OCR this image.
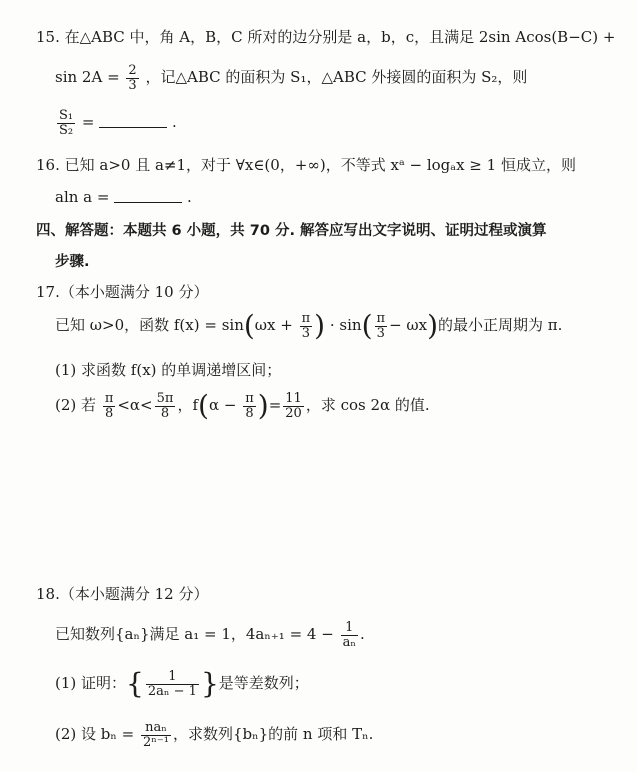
15. 在△ABC 中，角 A，B，C 所对的边分别是 a，b，c，且满足 2sin Acos(B−C) +
$\sin 2A = \frac{2}{3}$ ，记△ABC 的面积为 S₁，△ABC 外接圆的面积为 S₂，则
$\frac{\text{S₁}}{\text{S₂}}$ =	.
16. 已知 a>0 且 a≠1，对于 ∀x∈(0，+∞)，不等式 xᵃ − logₐx ≥ 1 恒成立，则
aln a =	.
四、解答题：本题共 6 小题，共 70 分. 解答应写出文字说明、证明过程或演算
步骤.
17.（本小题满分 10 分）
已知 ω>0，函数 $f(x) = \sin(\omega x + \frac{\pi}{3}$ ) · $\sin( \frac{\pi}{3} - \omega x)$的最小正周期为 π.
(1) 求函数 f(x) 的单调递增区间；
(2) 若 $\frac{\pi}{8} <\alpha< \frac{5\pi}{8}$ ，$f(\alpha - \frac{\pi}{8}$ )= $\frac{11}{20}$ ，求 cos 2α 的值.
18.（本小题满分 12 分）
已知数列{aₙ}满足 a₁ = 1，$4a_{n+1} = 4 - \frac{1}{\text{aₙ}}$ .
(1) 证明：{ $\frac{1}{\text{2aₙ − 1}}$ }是等差数列；
(2) 设 $b_n = \frac{\text{naₙ}}{\text{2ⁿ⁻¹}}$ ，求数列{bₙ}的前 n 项和 Tₙ.
